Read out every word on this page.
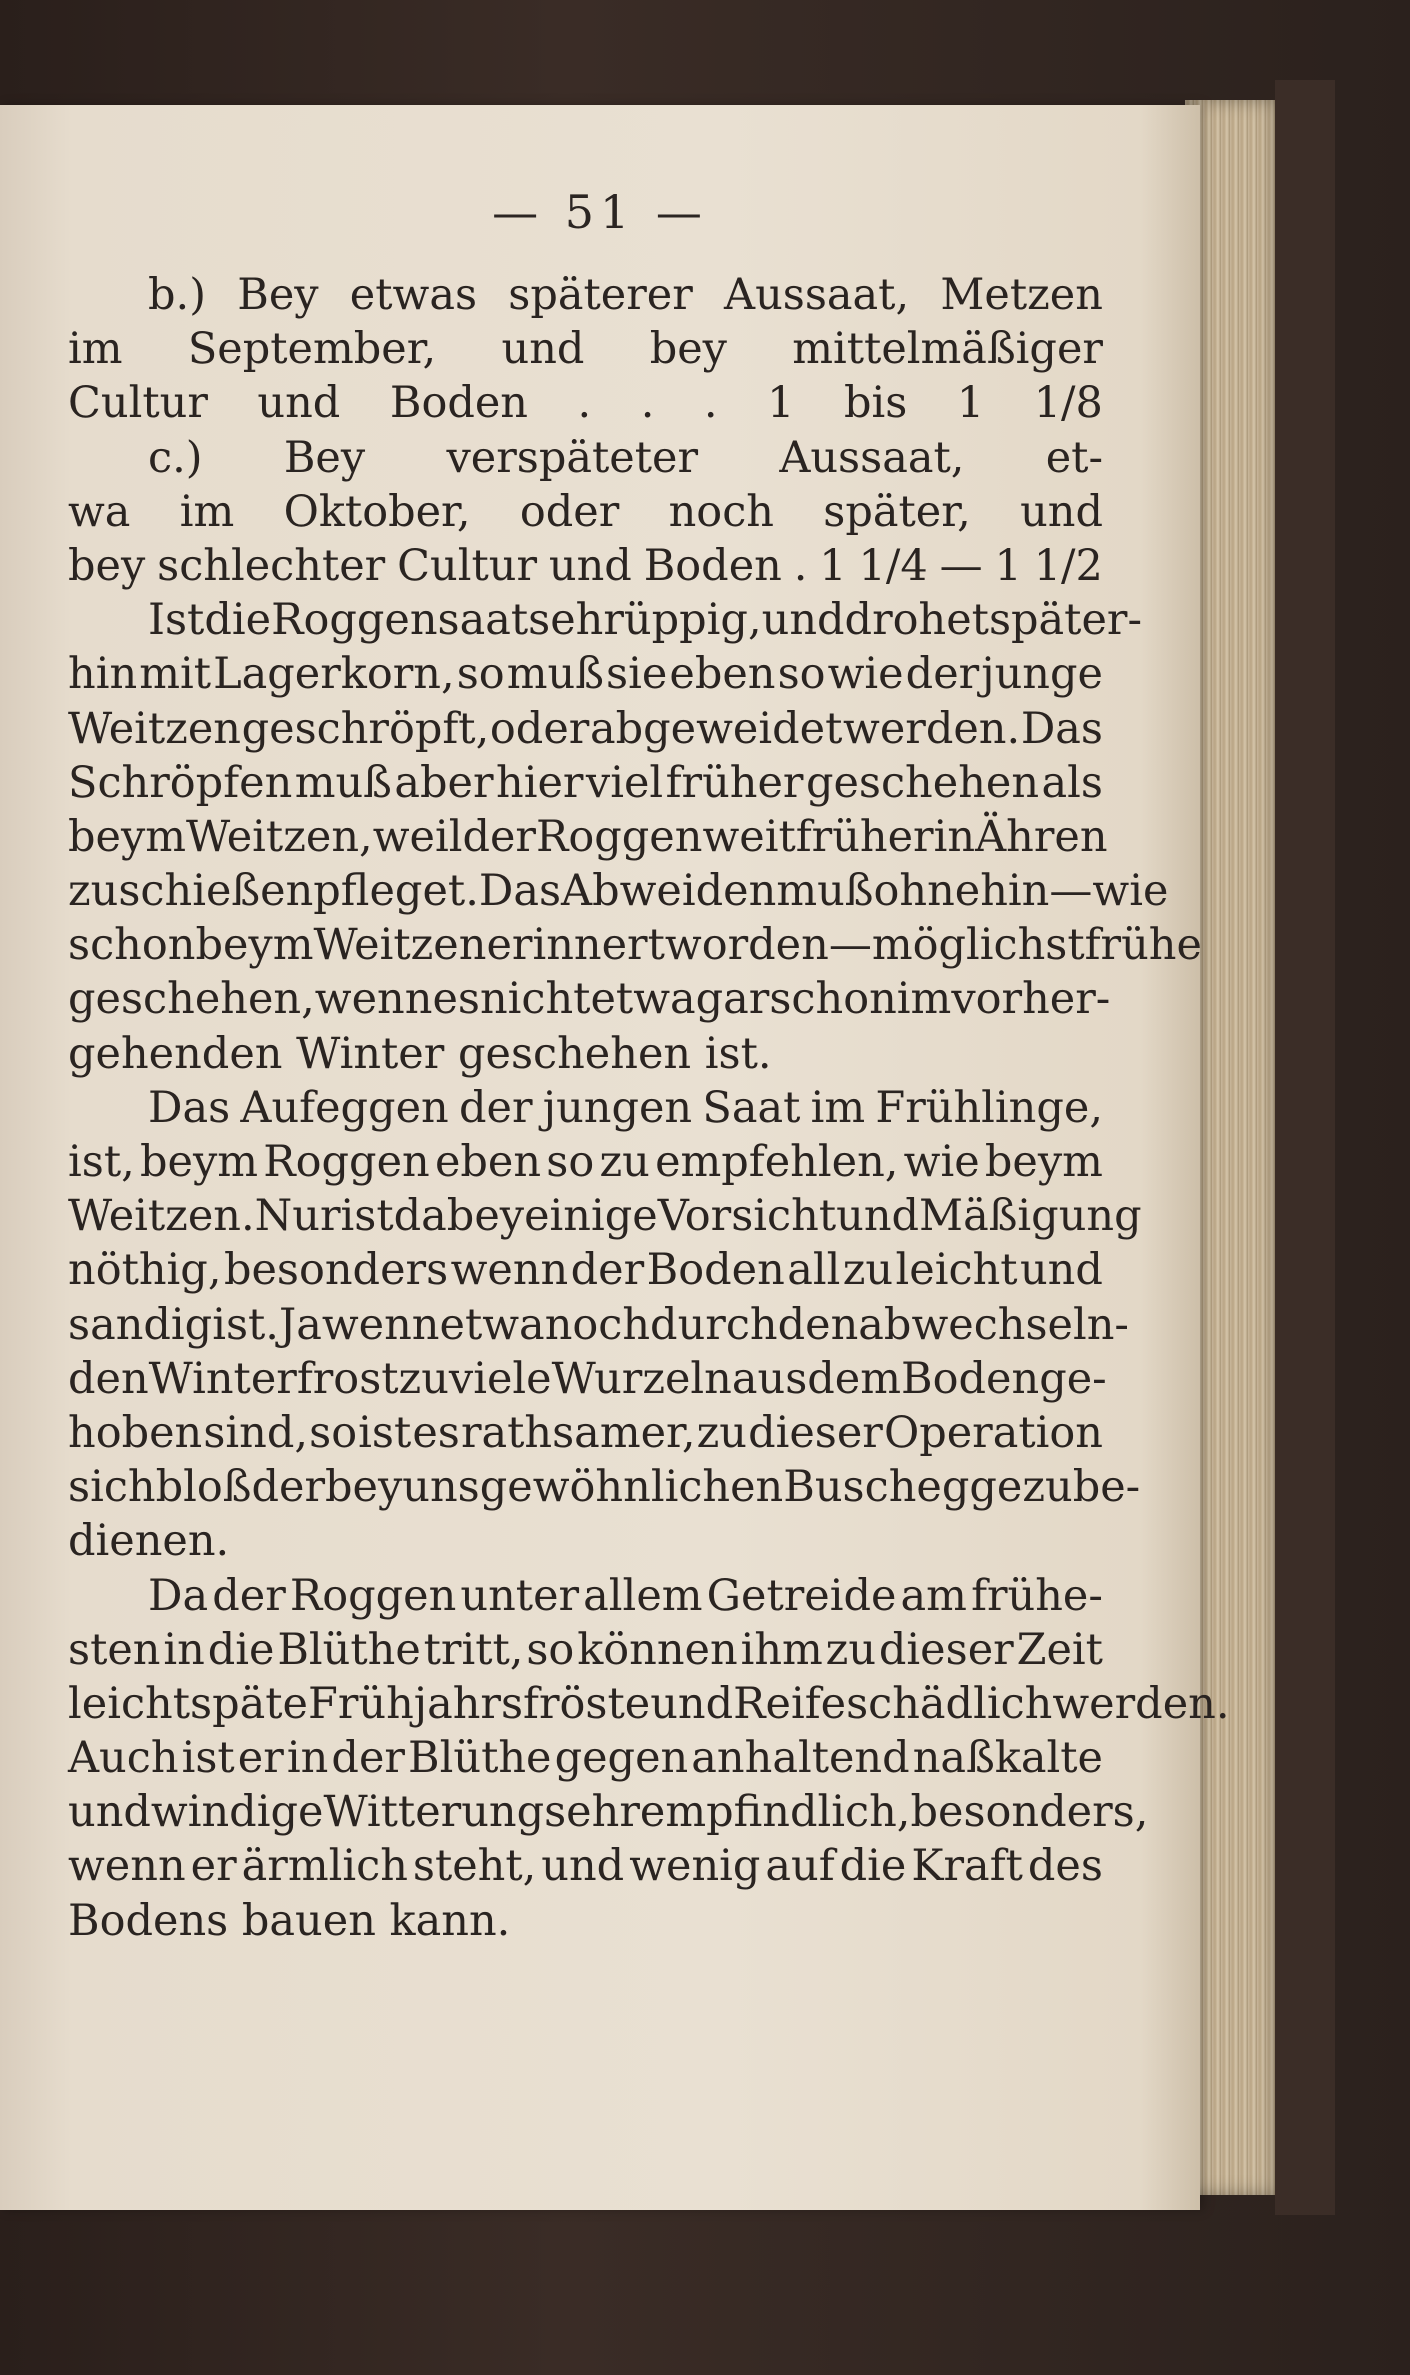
— 51 —
b.) Bey etwas späterer Aussaat, Metzen
im September, und bey mittelmäßiger
Cultur und Boden . . . 1 bis 1 1/8
c.) Bey verspäteter Aussaat, et-
wa im Oktober, oder noch später, und
bey schlechter Cultur und Boden . 1 1/4 — 1 1/2
Ist die Roggensaat sehr üppig, und drohet später-
hin mit Lagerkorn, so muß sie eben so wie der junge
Weitzen geschröpft, oder abgeweidet werden. Das
Schröpfen muß aber hier viel früher geschehen als
beym Weitzen, weil der Roggen weit früher in Ähren
zu schießen pfleget. Das Abweiden muß ohnehin — wie
schon beym Weitzen erinnert worden — möglichst frühe
geschehen, wenn es nicht etwa gar schon im vorher-
gehenden Winter geschehen ist.
Das Aufeggen der jungen Saat im Frühlinge,
ist, beym Roggen eben so zu empfehlen, wie beym
Weitzen. Nur ist dabey einige Vorsicht und Mäßigung
nöthig, besonders wenn der Boden all zu leicht und
sandig ist. Ja wenn etwa noch durch den abwechseln-
den Winterfrost zu viele Wurzeln aus dem Boden ge-
hoben sind, so ist es rathsamer, zu dieser Operation
sich bloß der bey uns gewöhnlichen Buschegge zu be-
dienen.
Da der Roggen unter allem Getreide am frühe-
sten in die Blüthe tritt, so können ihm zu dieser Zeit
leicht späte Frühjahrsfröste und Reife schädlich werden.
Auch ist er in der Blüthe gegen anhaltend naßkalte
und windige Witterung sehr empfindlich, besonders,
wenn er ärmlich steht, und wenig auf die Kraft des
Bodens bauen kann.
